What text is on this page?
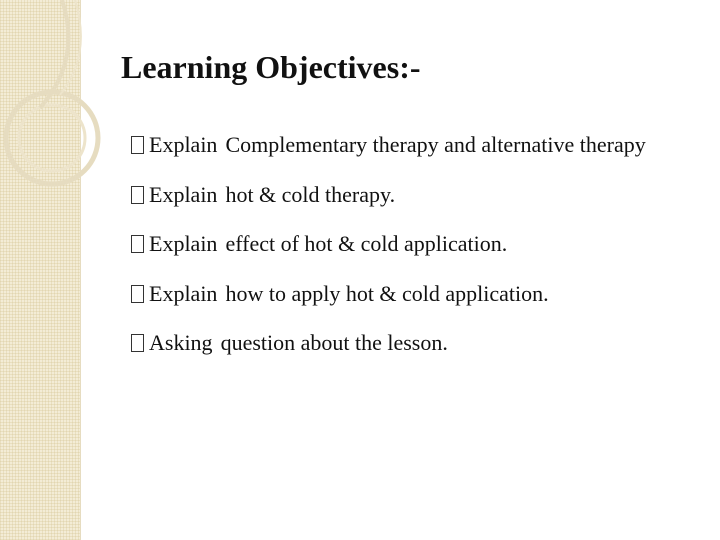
Learning Objectives:-
Explain Complementary therapy and alternative therapy
Explain hot & cold therapy.
Explain effect of hot & cold application.
Explain how to apply hot & cold application.
Asking question about the lesson.
